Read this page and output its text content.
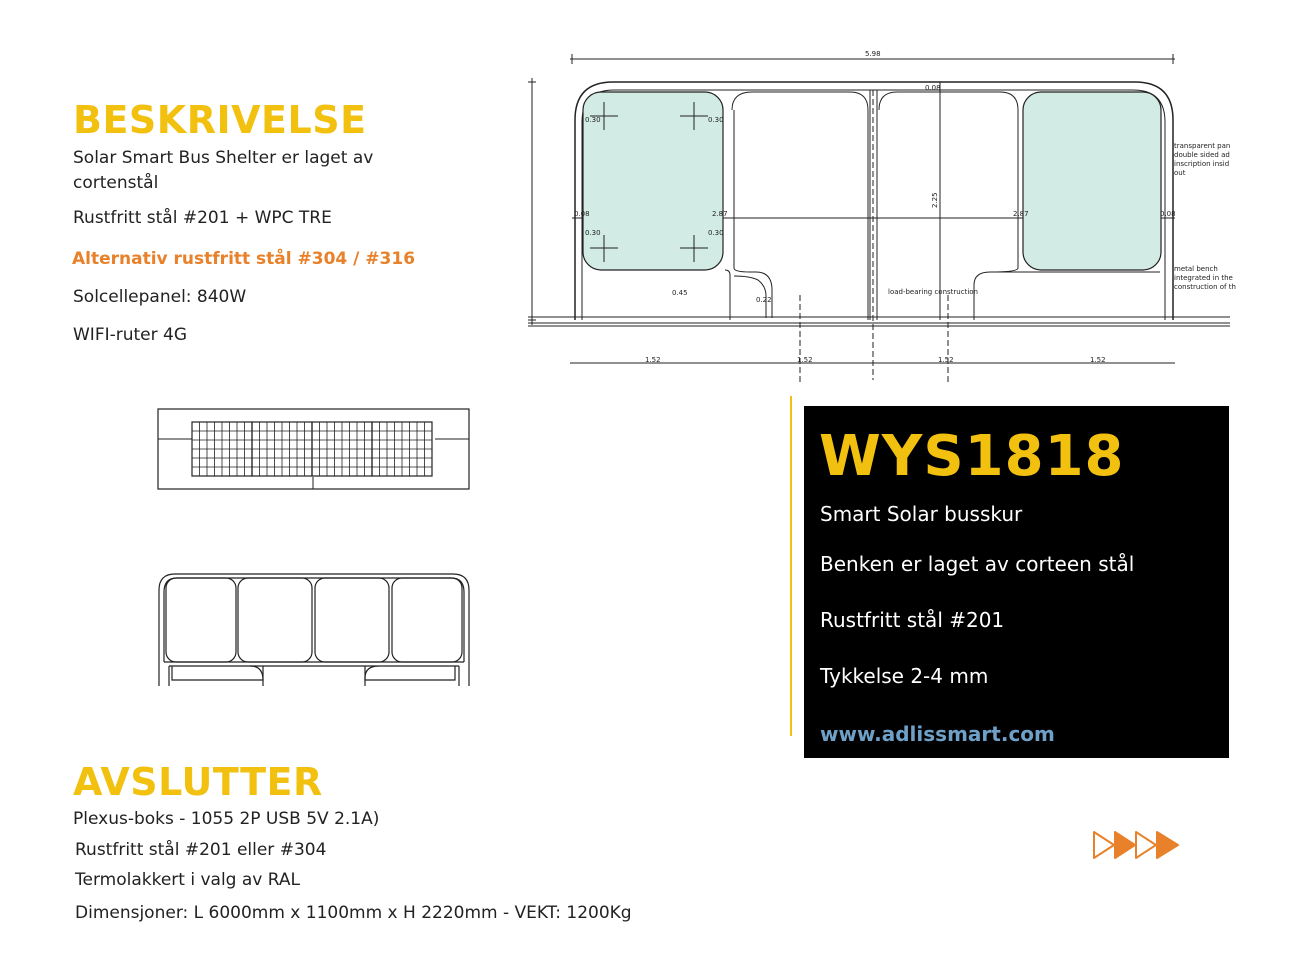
BESKRIVELSE
Solar Smart Bus Shelter er laget av cortenstål
Rustfritt stål #201 + WPC TRE
Alternativ rustfritt stål #304 / #316
Solcellepanel: 840W
WIFI-ruter 4G
5.98
0.08
2.25
2.87	2.87
0.08	0.08
0.30	0.30
0.30	0.30
0.22
0.45
1.52	1.52	1.52	1.52
load-bearing construction
transparent pan
double sided ad
inscription insid
out
metal bench
integrated in the
construction of th
WYS1818
Smart Solar busskur
Benken er laget av corteen stål
Rustfritt stål #201
Tykkelse 2-4 mm
www.adlissmart.com
AVSLUTTER
Plexus-boks - 1055 2P USB 5V 2.1A)
Rustfritt stål #201 eller #304
Termolakkert i valg av RAL
Dimensjoner: L 6000mm x 1100mm x H 2220mm - VEKT: 1200Kg
